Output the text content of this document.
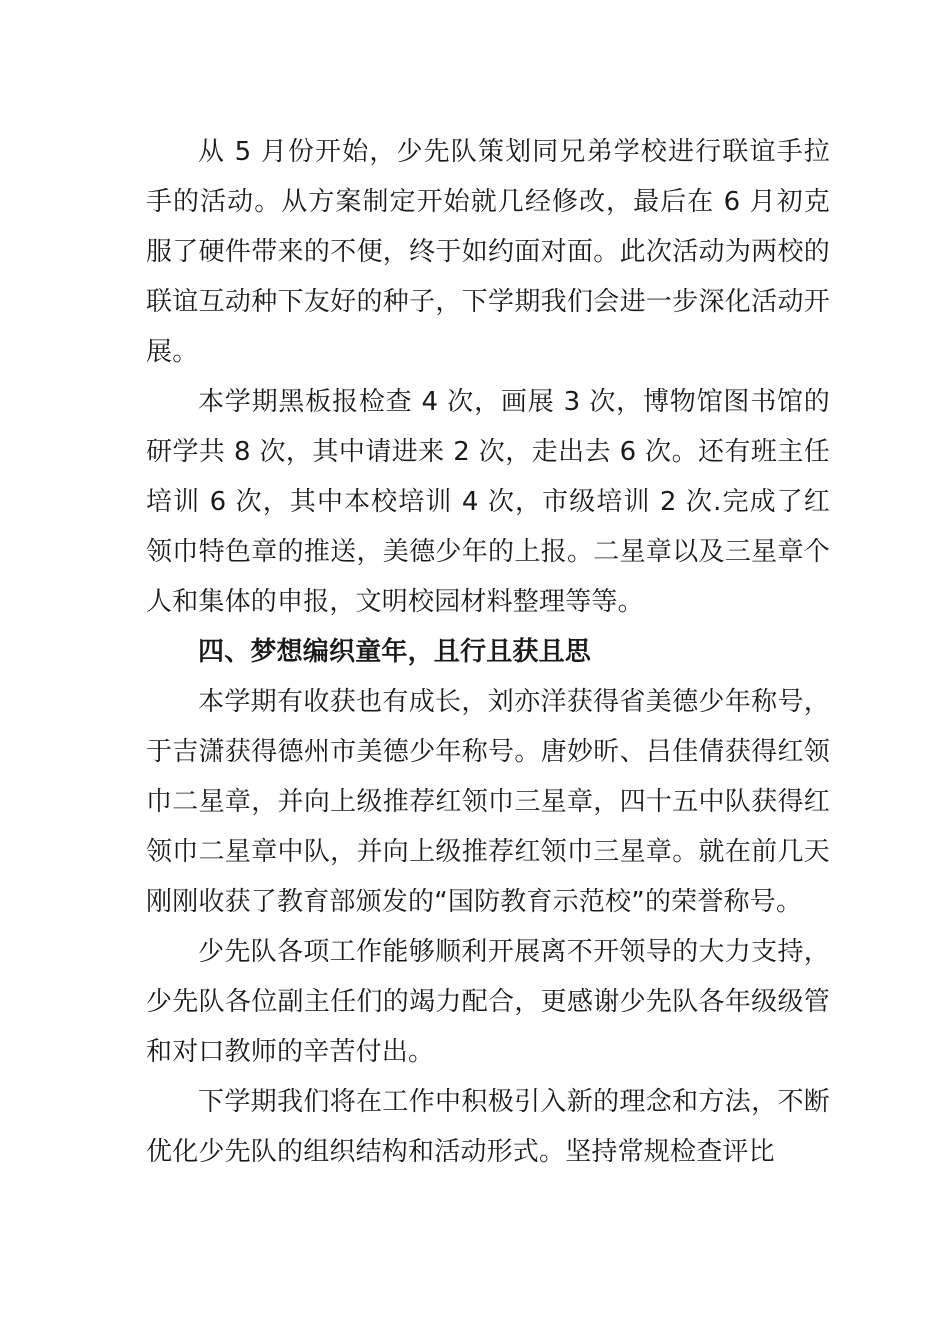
从 5 月份开始，少先队策划同兄弟学校进行联谊手拉手的活动。从方案制定开始就几经修改，最后在 6 月初克服了硬件带来的不便，终于如约面对面。此次活动为两校的联谊互动种下友好的种子，下学期我们会进一步深化活动开展。

本学期黑板报检查 4 次，画展 3 次，博物馆图书馆的研学共 8 次，其中请进来 2 次，走出去 6 次。还有班主任培训 6 次，其中本校培训 4 次，市级培训 2 次.完成了红领巾特色章的推送，美德少年的上报。二星章以及三星章个人和集体的申报，文明校园材料整理等等。

四、梦想编织童年，且行且获且思

本学期有收获也有成长，刘亦洋获得省美德少年称号，于吉潇获得德州市美德少年称号。唐妙昕、吕佳倩获得红领巾二星章，并向上级推荐红领巾三星章，四十五中队获得红领巾二星章中队，并向上级推荐红领巾三星章。就在前几天刚刚收获了教育部颁发的“国防教育示范校”的荣誉称号。

少先队各项工作能够顺利开展离不开领导的大力支持，少先队各位副主任们的竭力配合，更感谢少先队各年级级管和对口教师的辛苦付出。

下学期我们将在工作中积极引入新的理念和方法，不断优化少先队的组织结构和活动形式。坚持常规检查评比
